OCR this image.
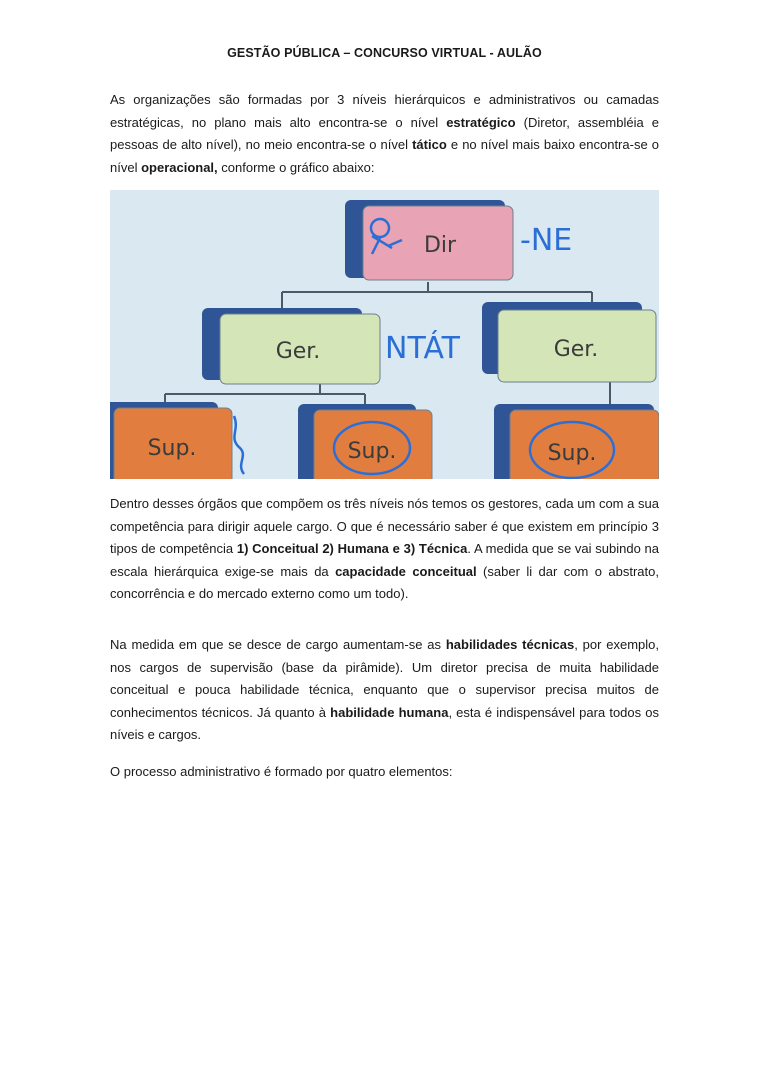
GESTÃO PÚBLICA – CONCURSO VIRTUAL - AULÃO

As organizações são formadas por 3 níveis hierárquicos e administrativos ou camadas estratégicas, no plano mais alto encontra-se o nível estratégico (Diretor, assembléia e pessoas de alto nível), no meio encontra-se o nível tático e no nível mais baixo encontra-se o nível operacional, conforme o gráfico abaixo:

Dentro desses órgãos que compõem os três níveis nós temos os gestores, cada um com a sua competência para dirigir aquele cargo. O que é necessário saber é que existem em princípio 3 tipos de competência 1) Conceitual 2) Humana e 3) Técnica. A medida que se vai subindo na escala hierárquica exige-se mais da capacidade conceitual (saber li dar com o abstrato, concorrência e do mercado externo como um todo).

Na medida em que se desce de cargo aumentam-se as habilidades técnicas, por exemplo, nos cargos de supervisão (base da pirâmide). Um diretor precisa de muita habilidade conceitual e pouca habilidade técnica, enquanto que o supervisor precisa muitos de conhecimentos técnicos. Já quanto à habilidade humana, esta é indispensável para todos os níveis e cargos.

O processo administrativo é formado por quatro elementos:

Dir -NE
Ger. NTÁT	Ger.
Sup.	Sup.	Sup.
